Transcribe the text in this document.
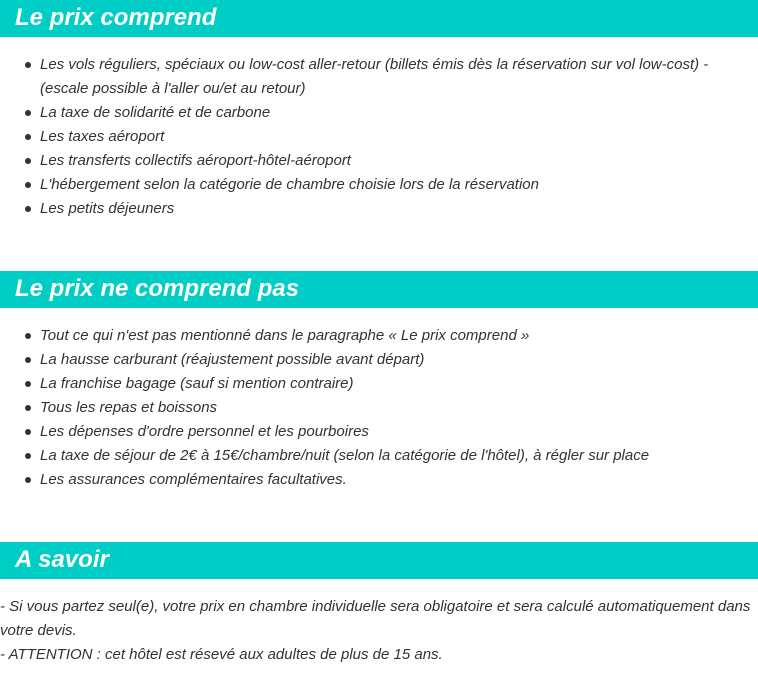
Le prix comprend
Les vols réguliers, spéciaux ou low-cost aller-retour (billets émis dès la réservation sur vol low-cost) - (escale possible à l'aller ou/et au retour)
La taxe de solidarité et de carbone
Les taxes aéroport
Les transferts collectifs aéroport-hôtel-aéroport
L'hébergement selon la catégorie de chambre choisie lors de la réservation
Les petits déjeuners
Le prix ne comprend pas
Tout ce qui n'est pas mentionné dans le paragraphe « Le prix comprend »
La hausse carburant (réajustement possible avant départ)
La franchise bagage (sauf si mention contraire)
Tous les repas et boissons
Les dépenses d'ordre personnel et les pourboires
La taxe de séjour de 2€ à 15€/chambre/nuit (selon la catégorie de l'hôtel), à régler sur place
Les assurances complémentaires facultatives.
A savoir
- Si vous partez seul(e), votre prix en chambre individuelle sera obligatoire et sera calculé automatiquement dans votre devis.
- ATTENTION : cet hôtel est résevé aux adultes de plus de 15 ans.
